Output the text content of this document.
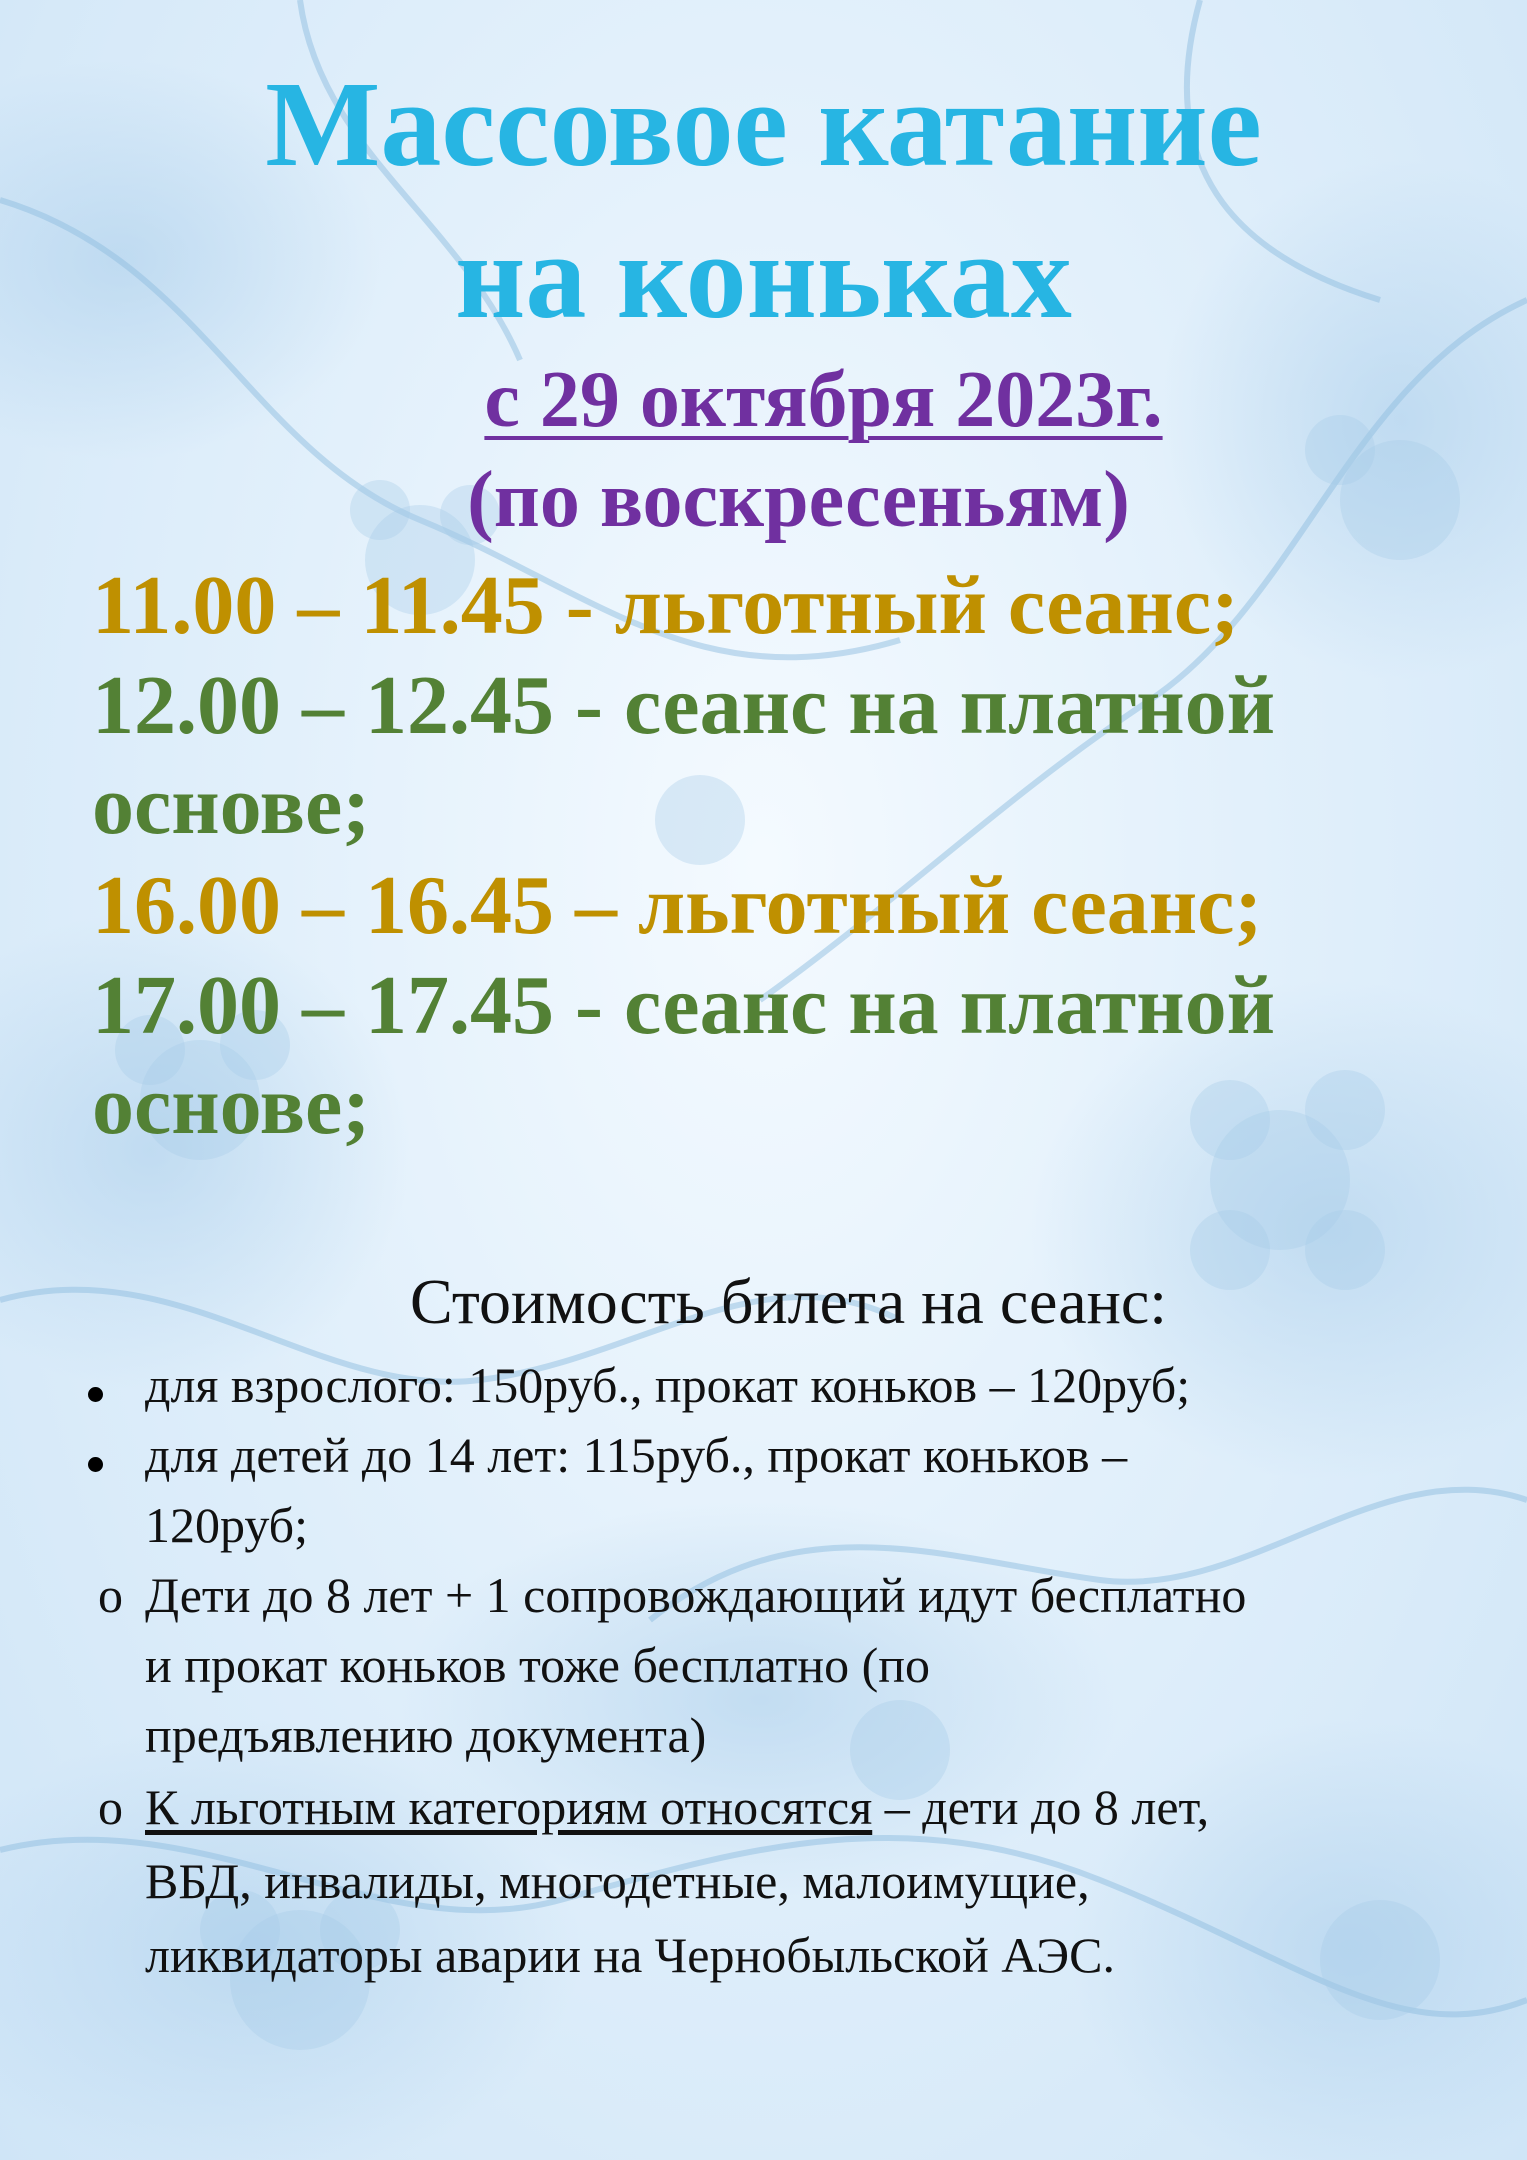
Массовое катание
на коньках
с 29 октября 2023г.
(по воскресеньям)

11.00 – 11.45 - льготный сеанс;

12.00 – 12.45 - сеанс на платной

основе;

16.00 – 16.45 – льготный сеанс;

17.00 – 17.45 - сеанс на платной

основе;

Стоимость билета на сеанс:
для взрослого: 150руб., прокат коньков – 120руб;
для детей до 14 лет: 115руб., прокат коньков –
120руб;
o Дети до 8 лет + 1 сопровождающий идут бесплатно
и прокат коньков тоже бесплатно (по
предъявлению документа)
o К льготным категориям относятся – дети до 8 лет,
ВБД, инвалиды, многодетные, малоимущие,
ликвидаторы аварии на Чернобыльской АЭС.
